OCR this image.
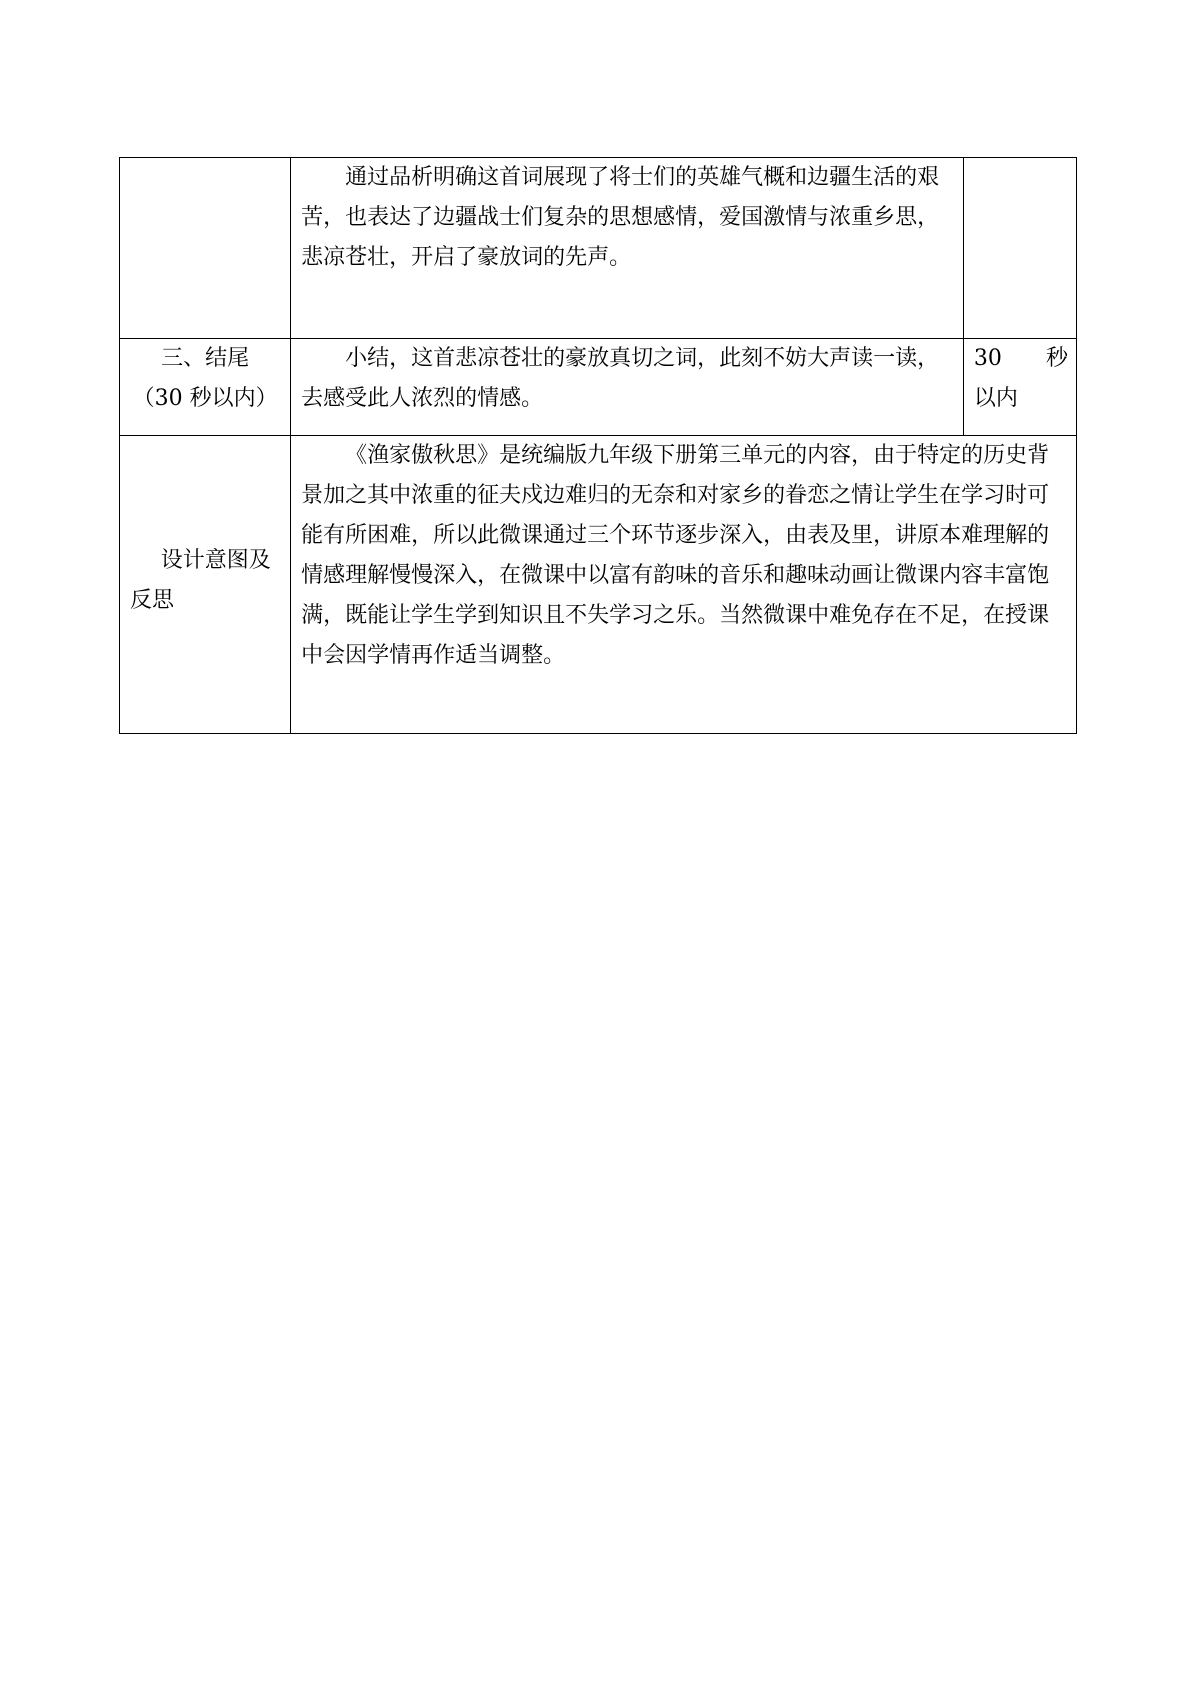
	通过品析明确这首词展现了将士们的英雄气概和边疆生活的艰苦，也表达了边疆战士们复杂的思想感情，爱国激情与浓重乡思，悲凉苍壮，开启了豪放词的先声。	

三、结尾
（30 秒以内）	小结，这首悲凉苍壮的豪放真切之词，此刻不妨大声读一读，去感受此人浓烈的情感。	30 秒 以内

设计意图及反思	《渔家傲秋思》是统编版九年级下册第三单元的内容，由于特定的历史背景加之其中浓重的征夫戍边难归的无奈和对家乡的眷恋之情让学生在学习时可能有所困难，所以此微课通过三个环节逐步深入，由表及里，讲原本难理解的情感理解慢慢深入，在微课中以富有韵味的音乐和趣味动画让微课内容丰富饱满，既能让学生学到知识且不失学习之乐。当然微课中难免存在不足，在授课中会因学情再作适当调整。	
